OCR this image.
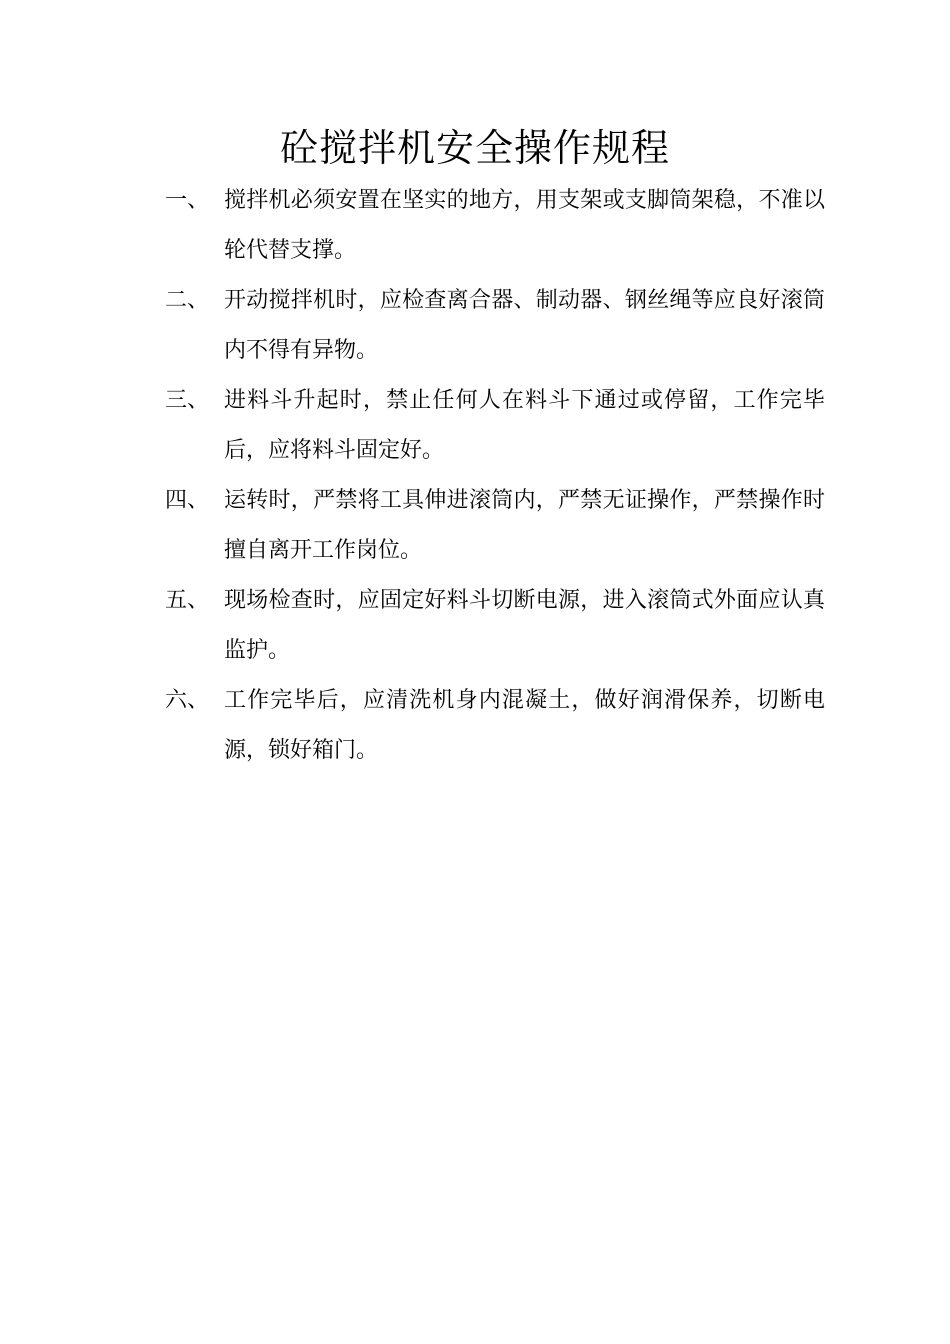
砼搅拌机安全操作规程
一、 搅拌机必须安置在坚实的地方，用支架或支脚筒架稳，不准以轮代替支撑。
二、 开动搅拌机时，应检查离合器、制动器、钢丝绳等应良好滚筒内不得有异物。
三、 进料斗升起时，禁止任何人在料斗下通过或停留，工作完毕后，应将料斗固定好。
四、 运转时，严禁将工具伸进滚筒内，严禁无证操作，严禁操作时擅自离开工作岗位。
五、 现场检查时，应固定好料斗切断电源，进入滚筒式外面应认真监护。
六、 工作完毕后，应清洗机身内混凝土，做好润滑保养，切断电源，锁好箱门。
